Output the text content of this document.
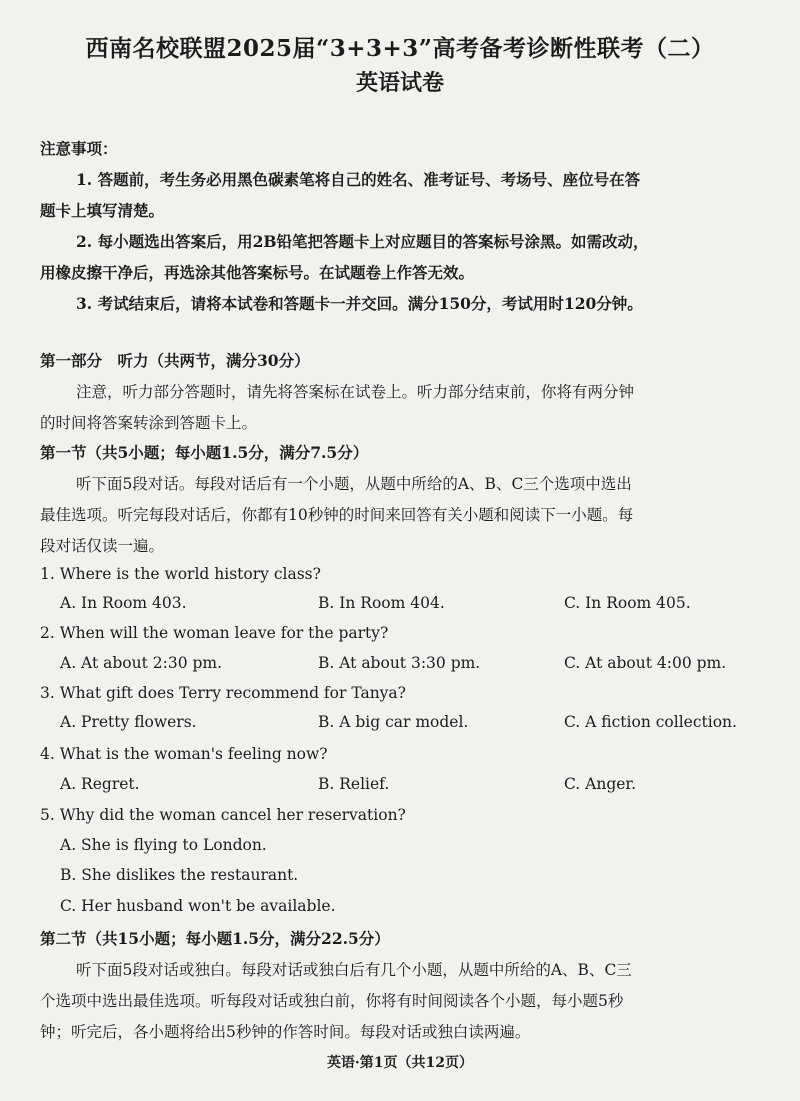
西南名校联盟2025届“3+3+3”高考备考诊断性联考（二）
英语试卷
注意事项：
1. 答题前，考生务必用黑色碳素笔将自己的姓名、准考证号、考场号、座位号在答
题卡上填写清楚。
2. 每小题选出答案后，用2B铅笔把答题卡上对应题目的答案标号涂黑。如需改动，
用橡皮擦干净后，再选涂其他答案标号。在试题卷上作答无效。
3. 考试结束后，请将本试卷和答题卡一并交回。满分150分，考试用时120分钟。
第一部分　听力（共两节，满分30分）
注意，听力部分答题时，请先将答案标在试卷上。听力部分结束前，你将有两分钟
的时间将答案转涂到答题卡上。
第一节（共5小题；每小题1.5分，满分7.5分）
听下面5段对话。每段对话后有一个小题，从题中所给的A、B、C三个选项中选出
最佳选项。听完每段对话后，你都有10秒钟的时间来回答有关小题和阅读下一小题。每
段对话仅读一遍。
1. Where is the world history class?
A. In Room 403.	B. In Room 404.	C. In Room 405.
2. When will the woman leave for the party?
A. At about 2:30 pm.	B. At about 3:30 pm.	C. At about 4:00 pm.
3. What gift does Terry recommend for Tanya?
A. Pretty flowers.	B. A big car model.	C. A fiction collection.
4. What is the woman's feeling now?
A. Regret.	B. Relief.	C. Anger.
5. Why did the woman cancel her reservation?
A. She is flying to London.
B. She dislikes the restaurant.
C. Her husband won't be available.
第二节（共15小题；每小题1.5分，满分22.5分）
听下面5段对话或独白。每段对话或独白后有几个小题，从题中所给的A、B、C三
个选项中选出最佳选项。听每段对话或独白前，你将有时间阅读各个小题，每小题5秒
钟；听完后，各小题将给出5秒钟的作答时间。每段对话或独白读两遍。
英语·第1页（共12页）
